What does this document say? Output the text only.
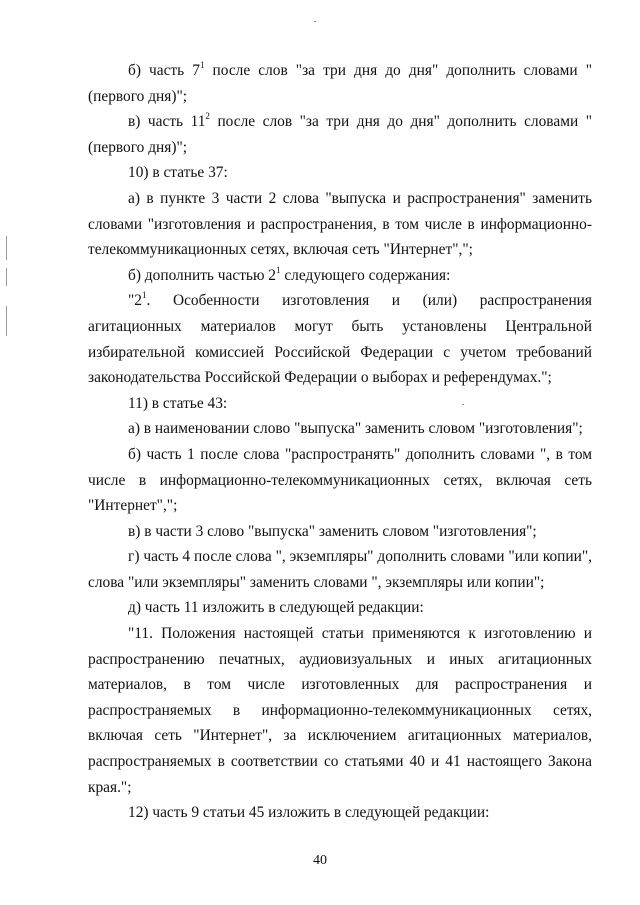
б) часть $7^1$ после слов "за три дня до дня" дополнить словами "(первого дня)";

в) часть $11^2$ после слов "за три дня до дня" дополнить словами "(первого дня)";

10) в статье 37:

а) в пункте 3 части 2 слова "выпуска и распространения" заменить словами "изготовления и распространения, в том числе в информационно-телекоммуникационных сетях, включая сеть "Интернет",";

б) дополнить частью $2^1$ следующего содержания:

"$2^1$. Особенности изготовления и (или) распространения агитационных материалов могут быть установлены Центральной избирательной комиссией Российской Федерации с учетом требований законодательства Российской Федерации о выборах и референдумах.";

11) в статье 43:

а) в наименовании слово "выпуска" заменить словом "изготовления";

б) часть 1 после слова "распространять" дополнить словами ", в том числе в информационно-телекоммуникационных сетях, включая сеть "Интернет",";

в) в части 3 слово "выпуска" заменить словом "изготовления";

г) часть 4 после слова ", экземпляры" дополнить словами "или копии", слова "или экземпляры" заменить словами ", экземпляры или копии";

д) часть 11 изложить в следующей редакции:

"11. Положения настоящей статьи применяются к изготовлению и распространению печатных, аудиовизуальных и иных агитационных материалов, в том числе изготовленных для распространения и распространяемых в информационно-телекоммуникационных сетях, включая сеть "Интернет", за исключением агитационных материалов, распространяемых в соответствии со статьями 40 и 41 настоящего Закона края.";

12) часть 9 статьи 45 изложить в следующей редакции:

40
